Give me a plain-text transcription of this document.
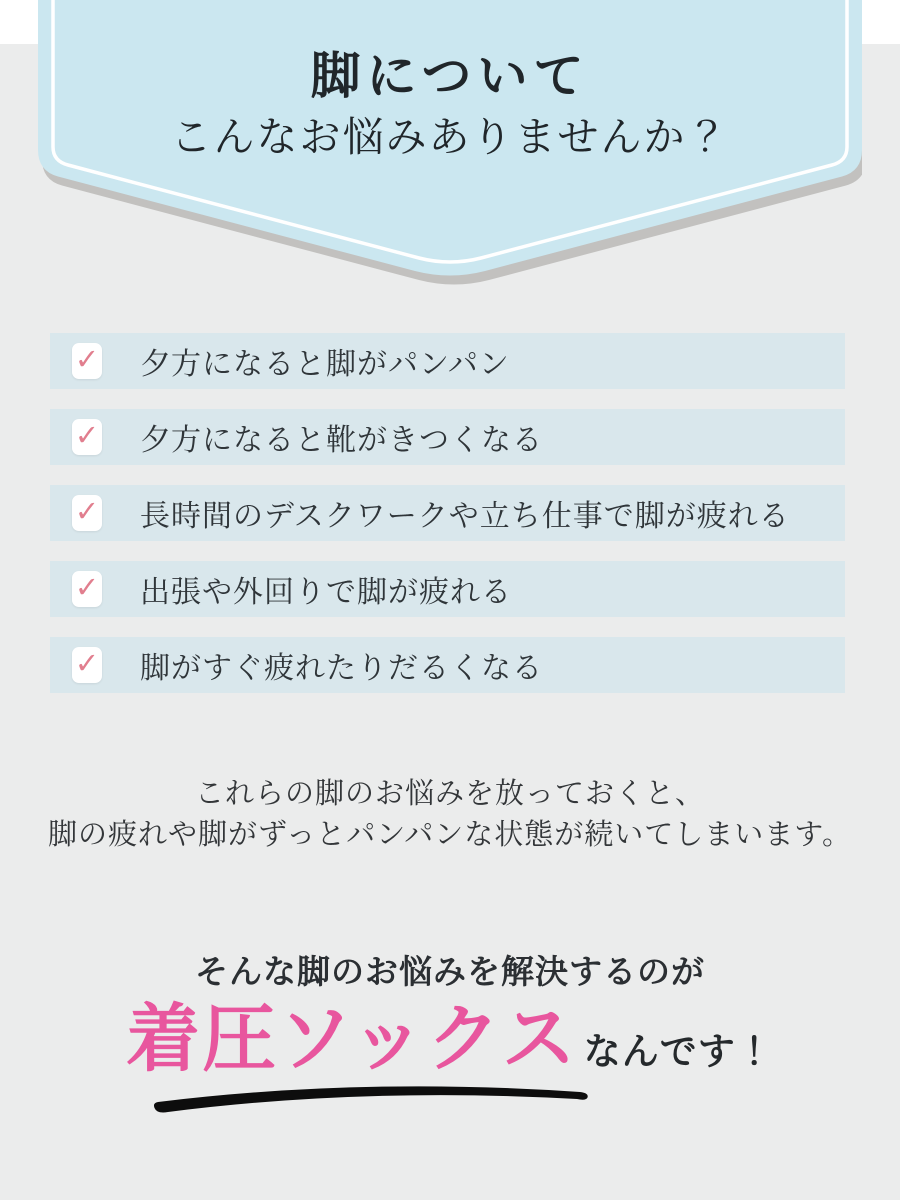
脚について
こんなお悩みありませんか？
✓ 夕方になると脚がパンパン
✓ 夕方になると靴がきつくなる
✓ 長時間のデスクワークや立ち仕事で脚が疲れる
✓ 出張や外回りで脚が疲れる
✓ 脚がすぐ疲れたりだるくなる
これらの脚のお悩みを放っておくと、
脚の疲れや脚がずっとパンパンな状態が続いてしまいます。
そんな脚のお悩みを解決するのが
着圧ソックス なんです！
